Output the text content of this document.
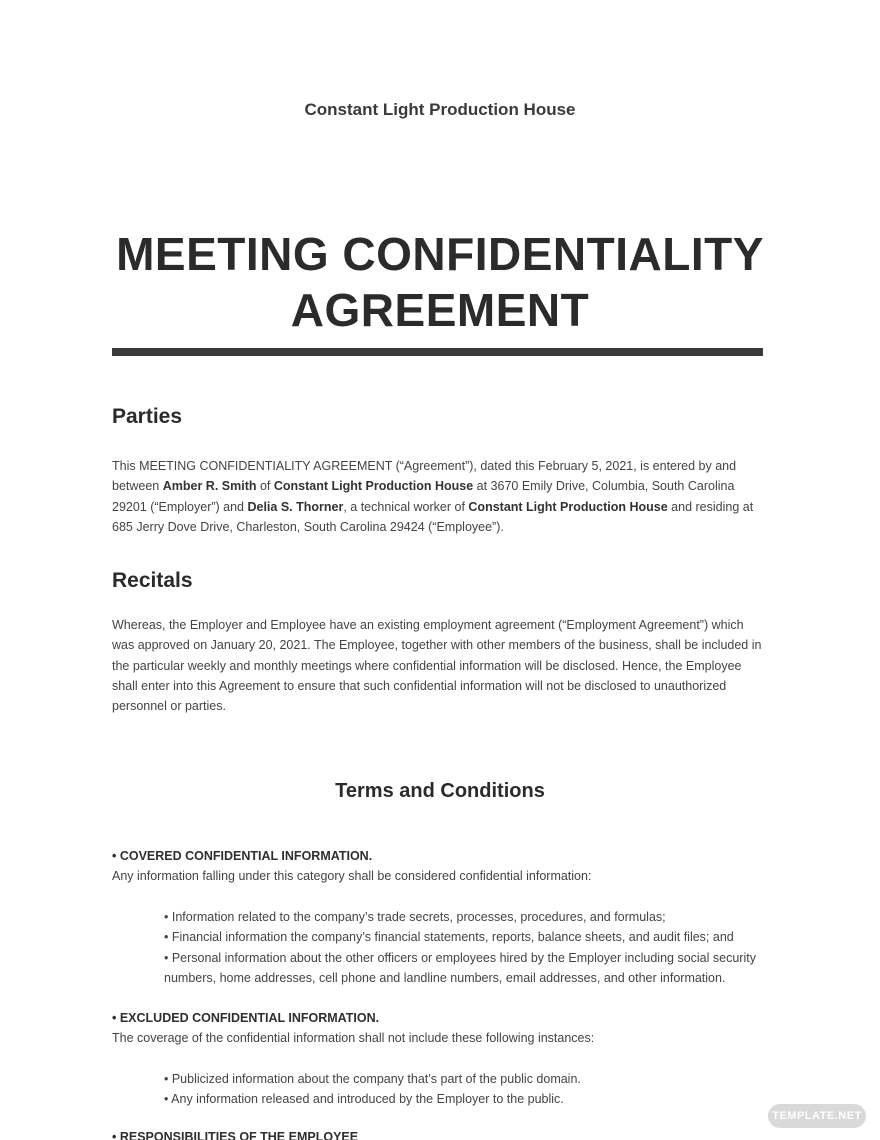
Constant Light Production House
MEETING CONFIDENTIALITY
AGREEMENT
Parties
This MEETING CONFIDENTIALITY AGREEMENT (“Agreement”), dated this February 5, 2021, is entered by and between Amber R. Smith of Constant Light Production House at 3670 Emily Drive, Columbia, South Carolina 29201 (“Employer”) and Delia S. Thorner, a technical worker of Constant Light Production House and residing at 685 Jerry Dove Drive, Charleston, South Carolina 29424 (“Employee”).
Recitals
Whereas, the Employer and Employee have an existing employment agreement (“Employment Agreement”) which was approved on January 20, 2021. The Employee, together with other members of the business, shall be included in the particular weekly and monthly meetings where confidential information will be disclosed. Hence, the Employee shall enter into this Agreement to ensure that such confidential information will not be disclosed to unauthorized personnel or parties.
Terms and Conditions
• COVERED CONFIDENTIAL INFORMATION.
Any information falling under this category shall be considered confidential information:
• Information related to the company’s trade secrets, processes, procedures, and formulas;
• Financial information the company’s financial statements, reports, balance sheets, and audit files; and
• Personal information about the other officers or employees hired by the Employer including social security numbers, home addresses, cell phone and landline numbers, email addresses, and other information.
• EXCLUDED CONFIDENTIAL INFORMATION.
The coverage of the confidential information shall not include these following instances:
• Publicized information about the company that’s part of the public domain.
• Any information released and introduced by the Employer to the public.
• RESPONSIBILITIES OF THE EMPLOYEE
TEMPLATE.NET
